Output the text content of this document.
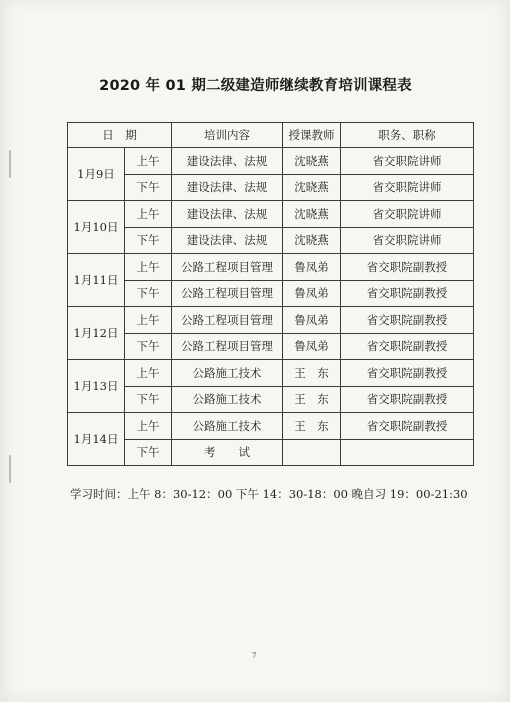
2020 年 01 期二级建造师继续教育培训课程表
日　期		培训内容	授课教师	职务、职称
1月9日	上午	建设法律、法规	沈晓燕	省交职院讲师
	下午	建设法律、法规	沈晓燕	省交职院讲师
1月10日	上午	建设法律、法规	沈晓燕	省交职院讲师
	下午	建设法律、法规	沈晓燕	省交职院讲师
1月11日	上午	公路工程项目管理	鲁凤弟	省交职院副教授
	下午	公路工程项目管理	鲁凤弟	省交职院副教授
1月12日	上午	公路工程项目管理	鲁凤弟	省交职院副教授
	下午	公路工程项目管理	鲁凤弟	省交职院副教授
1月13日	上午	公路施工技术	王　东	省交职院副教授
	下午	公路施工技术	王　东	省交职院副教授
1月14日	上午	公路施工技术	王　东	省交职院副教授
	下午	考　　试		
学习时间：上午 8：30-12：00 下午 14：30-18：00 晚自习 19：00-21:30
7
